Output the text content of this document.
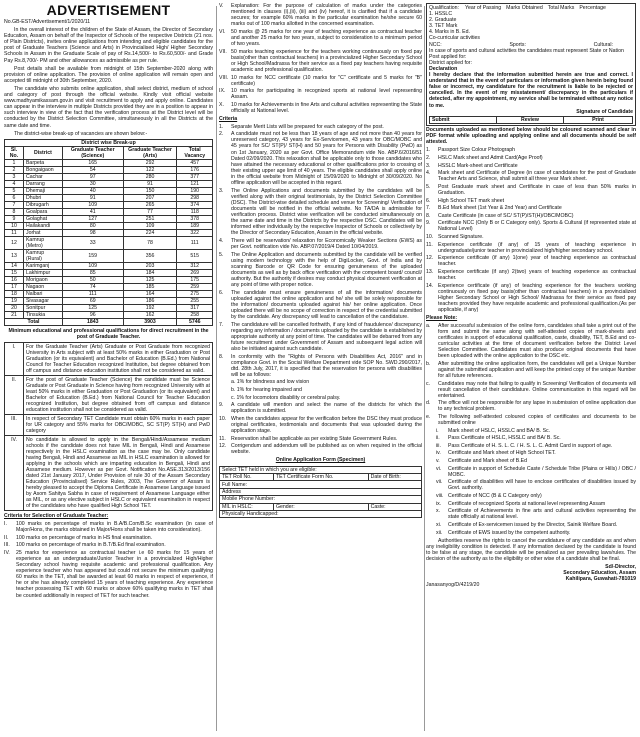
ADVERTISEMENT

No.GB-EST/Advertisement/1/2020/11

In the overall interest of the children of the State of Assam, the Director of Secondary Education, Assam on behalf of the Inspector of Schools of the respective Districts (21 nos. of Plain Districts), invites online applications from intending and eligible candidates for the post of Graduate Teachers (Science and Arts) in Provincialised High/ Higher Secondary Schools in Assam in the Graduate Scale of pay of Rs.14,500/- to Rs.60,500/- and Grade Pay Rs.8,700/- PM and other allowances as admissible as per rule.

Post details shall be available from midnight of 15th September-2020 along with provision of online application. The provision of online application will remain open and accepted till midnight of 30th September, 2020.

The candidate who submits online application, shall select district, medium of school and category of post through the official website. Kindly visit official website www.madhyamikassam.gov.in and visit recruitment to apply and apply online. Candidates can appear in the interview in multiple Districts provided they are in a position to appear in such interview in view of the fact that the verification process at the District level will be conducted by the District Selection Committee, simultaneously in all the Districts at the same date and time.

The district-wise break-up of vacancies are shown below:-

District wise Break-up				
Sl. No.	District	Graduate Teacher (Science)	Graduate Teacher (Arts)	Total Vacancy
1	Barpeta	165	292	457
2	Bongaigaon	54	122	176
3	Cachar	97	280	377
4	Darrang	30	91	121
5	Dhemaji	40	150	190
6	Dhubri	91	207	298
7	Dibrugarh	109	265	374
8	Goalpara	41	77	118
9	Golaghat	127	251	378
10	Hailakandi	80	109	189
11	Jorhat	98	224	322
12	Kamrup (Metro)	33	78	111
13	Kamrup (Rural)	159	356	515
14	Karimganj	109	203	312
15	Lakhimpur	85	184	269
16	Morigaon	50	125	175
17	Nagaon	74	185	259
18	Nalbari	111	164	275
19	Sivasagar	69	186	255
20	Sonitpur	125	192	317
21	Tinsukia	96	162	258
Total		1843	3903	5746

Minimum educational and professional qualifications for direct recruitment in the post of Graduate Teacher.

I.	For the Graduate Teacher (Arts) Graduate or Post Graduate from recognized University in Arts subject with at least 50% marks in either Graduation or Post Graduation (or its equivalent) and Bachelor of Education (B.Ed.) from National Council for Teacher Education recognized Institution, but degree obtained from off campus and distance education institution shall not be considered as valid.
II.	For the post of Graduate Teacher (Science) the candidate must be Science Graduate or Post Graduate in Science having from recognized University with at least 50% marks in either Graduation or Post Graduation (or its equivalent) and Bachelor of Education (B.Ed.) from National Council for Teacher Education recognized Institution, but degree obtained from off campus and distance education institution shall not be considered as valid.
III.	In respect of Secondary TET Candidate must obtain 60% marks in each paper for UR category and 55% marks for OBC/MOBC, SC ST(P) ST(H) and PwD category
IV.	No candidate is allowed to apply in the Bengali/Hindi/Assamese medium schools if the candidate does not have MIL in Bengali, Hindi and Assamese respectively in the HSLC examination as the case may be. Only candidate having Bengali, Hindi and Assamese as MIL in HSLC examination is allowed for applying in the schools which are imparting education in Bengali, Hindi and Assamese medium. However as per Govt. Notification No.ASE.313/2013/156 dated 21st January 2017, Under Provision of rule 30 of the Assam Secondary Education (Provincialised) Service Rules, 2003, The Governor of Assam is hereby pleased to accept the Diploma Certificate in Assamese Language issued by Asom Sahitya Sabha in case of requirement of Assamese Language either as MIL, or as any elective subject in HSLC or equivalent examination in respect of the candidates who have qualified High School TET.

Criteria for Selection of Graduate Teacher:

I.	100 marks on percentage of marks in B.A/B.Com/B.Sc examination (in case of Major/Hons, the marks obtained in Major/Hons shall be taken into consideration).
II.	100 marks on percentage of marks in HS final examination.
III.	100 marks on percentage of marks in B.T/B.Ed final examination.
IV.	25 marks for experience as contractual teacher i.e 60 marks for 15 years of experience as an undergraduate/Junior Teacher in a provincialized High/Higher Secondary school having requisite academic and professional qualification. Any experience teacher who has appeared but could not secure the minimum qualifying 60 marks in the TET, shall be awarded at least 60 marks in respect of experience, if he or she has already completed 15 years of teaching experience. Any experience teacher possessing TET with 60 marks or above 60% qualifying marks in TET shall be counted additionally in respect of TET for such teacher.
V.	Explanation: For the purpose of calculation of marks under the categories mentioned in clauses (i),(ii), (iii) and (iv) hereof, it is clarified that if a candidate secures; for example 60% marks in the particular examination he/she secure 60 marks out of 100 marks allotted in the concerned examination.
VI.	50 marks @ 25 marks for one year of teaching experience as contractual teacher and another 25 marks for two years, subject to consideration to a minimum period of two years.
VII. 50 marks teaching experience for the teachers working continuously on fixed pay basis(other than contractual teachers) in a provincialized Higher Secondary School or High School/Madrassa for their service as a fixed pay teachers having requisite academic and professional qualification.
VIII. 10 marks for NCC certificate (10 marks for "C" certificate and 5 marks for "B" certificate)
IX.	10 marks for participating in recognized sports at national level representing Assam.
X.	10 marks for Achievements in fine Arts and cultural activities representing the State officially at National level.

Criteria

1.	Separate Merit Lists will be prepared for each category of the post.
2.	A candidate must not be less than 18 years of age and not more than 40 years for unreserved category, 43 years for Ex-Servicemen, 43 years for OBC/MOBC and 45 years for SC/ ST(P)/ ST(H) and 50 years for Persons with Disability (PwD) as on 1st January, 2020 as per Govt. Office Memorandum vide No. ABP.6/2016/51 Dated 02/09/2020. This relaxation shall be applicable only to those candidates who have attained the necessary educational or other qualifications prior to crossing of their existing upper age limit of 40 years. The eligible candidates shall apply online in the official website from Midnight of 15/09/2020 to Midnight of 30/09/2020. No offline application will be accepted in this regard.
3.	The Online Applications and documents submitted by the candidates will be verified along with their original testimonials, by the District Selection Committee (DSC). The District-wise detailed schedule and venue for Screening/ Verification of documents will be notified in the official website. No TA/DA is admissible for verification process. District wise verification will be conducted simultaneously on the same date and time in the Districts by the respective DSC. Candidates will be informed either individually by the respective Inspector of Schools or collectively by the Director of Secondary Education, Assam in the official website.
4.	There will be reservation/ relaxation for Economically Weaker Sections (EWS) as per Govt. notification vide No. ABP.07/2019/4 Dated 10/04/2019.
5.	The Online Application and documents submitted by the candidate will be verified using modern technology with the help of DigiLocker, Govt. of India and by scanning Barcode or QR Code for ensuring genuineness of the uploaded documents as well as by back office verification with the competent board/ council/ authority. But the authority if desires may conduct physical document verification at any point of time with proper notice.
6.	The candidate must ensure genuineness of all the information/ documents uploaded against the online application and he/ she will be solely responsible for the information/ documents uploaded against his/ her online application. Once uploaded there will be no scope of correction in respect of the credential submitted by the candidate. Any discrepancy will lead to cancellation of the candidature.
7.	The candidature will be cancelled forthwith, if any kind of fraudulence/ discrepancy regarding any information / documents uploaded by the candidate is established by appropriate authority at any point of time. The candidates will be debarred from any future recruitment under Government of Assam and subsequent legal action will also be initiated against such candidate.
8.	In conformity with the "Rights of Persons with Disabilities Act, 2016" and in compliance Govt. in the Social Welfare Department vide SOP No. SWD.290/2017, dtd. 28th July, 2017, it is specified that the reservation for persons with disabilities will be as follows:
a. 1% for blindness and low vision
b. 1% for hearing impaired and
c. 1% for locomotors disability or cerebral palsy.
9.	A candidate will mention and select the name of the districts for which the application is submitted.
10. When the candidates appear for the verification before the DSC they must produce original certificates, testimonials and documents that was uploaded during the application stage.
11. Reservation shall be applicable as per existing State Government Rules.
12. Corrigendum and addendum will be published as on when required in the official website.

Online Application Form (Specimen)

Select TET held in which you are eligible:		
TET Roll No.	TET Certificate Form No.	Date of Birth:
Full Name:		
Address		
Mobile Phone Number:		
MIL in HSLC:	Gender:	Caste:
Physically Handicapped:		
Qualification: Year of Passing Marks Obtained Total Marks Percentage
1. HSSLC
2. Graduate
3. TET Mark
4. Marks in B. Ed.
Co-curricular activities
NCC:	Sports:	Cultural:
In case of sports and cultural activities the candidates must represent State or Nation
Post applied for:
District applied for:
Declaration
I hereby declare that the information submitted herein are true and correct. I understand that in the event of particulars or information given herein being found false or incorrect, my candidature for the recruitment is liable to be rejected or cancelled. In the event of my misstatement/ discrepancy in the particulars if detected, after my appointment, my service shall be terminated without any notice to me.
Signature of Candidate
Submit	Review	Print

Documents uploaded as mentioned below should be coloured scanned and clear in PDF format while uploading and applying online and all documents should be self attested.

1.	Passport Size Colour Photograph
2.	HSLC Mark sheet and Admit Card(Age Proof)
3.	HSSLC Mark-sheet and Certificate
4.	Mark sheet and Certificate of Degree (in case of candidates for the post of Graduate Teacher Arts and Science, shall submit all three year Mark sheet.
5.	Post Graduate mark sheet and Certificate in case of less than 50% marks in Graduation.
6.	High School TET mark sheet
7.	B.Ed Mark sheet (1st Year & 2nd Year) and Certificate
8.	Caste Certificate (in case of SC/ ST(P)/ST(H)/OBC/MOBC)
9.	Certificate NCC (Only B or C Category only). Sports & Cultural (if represented state at National Level)
10. Scanned Signature.
11. Experience certificate (if any) of 15 years of teaching experience in undergraduate/junior teacher in provincialized high/higher secondary school.
12. Experience certificate (if any) 1(one) year of teaching experience as contractual teacher.
13. Experience certificate (if any) 2(two) years of teaching experience as contractual teacher.
14. Experience certificate (if any) of teaching experience for the teachers working continuously on fixed pay basis(other than contractual teachers) in a provincialized Higher Secondary School or High School/ Madrassa for their service as fixed pay teachers provided they have requisite academic and professional qualification.(As per applicable, if any)

Please Note:

a.	After successful submission of the online form, candidates shall take a print out of the form and submit the same along with self-attested copies of mark-sheets and certificates in support of educational qualification, caste, disability, TET, B.Ed and co-curricular activities at the time of document verification before the District Level Selection Committee. Candidates must also produce original documents that have been uploaded with the online application to the DSC etc.
b.	After submitting the online application form, the candidates will get a Unique Number against the submitted application and will keep the printed copy of the unique Number for all future references.
c.	Candidates may note that failing to qualify in Screening/ Verification of documents will result cancellation of their candidature. Online communication in this regard will be entertained.
d.	The office will not be responsible for any lapse in submission of online application due to any technical problem.
e.	The following self-attested coloured copies of certificates and documents to be submitted online
i.	Mark sheet of HSLC, HSSLC and BA/ B. Sc.
ii.	Pass Certificate of HSLC, HSSLC and BA/ B. Sc.
iii.	Pass Certificate of H. S. L. C. / H. S. L. C. Admit Card in support of age.
iv.	Certificate and Mark sheet of High School TET.
v.	Certificate and Mark sheet of B.Ed
vi.	Certificate in support of Schedule Caste / Schedule Tribe (Plains or Hills) / OBC / MOBC.
vii.	Certificate of disabilities will have to enclose certificates of disabilities issued by Govt. authority.
viii. Certificate of NCC (B & C Category only)
ix.	Certificate of recognized Sports at national level representing Assam
x.	Certificate of Achievements in fine arts and cultural activities representing the state officially at national level.
xi.	Certificate of Ex-servicemen issued by the Director, Sainik Welfare Board.
xii.	Certificate of EWS issued by the competent authority.

Authorities reserve the rights to cancel the candidature of any candidate as and when any ineligibility condition is detected. If any information declared by the candidate is found to be false at any stage, the candidate will be penalized as per prevailing laws/rules. The decision of the authority as to the eligibility or other wise of a candidate shall be final.

Sd/-Director,
Secondary Education, Assam
Kahilipara, Guwahati-781019
Janasanyog/D/4219/20
